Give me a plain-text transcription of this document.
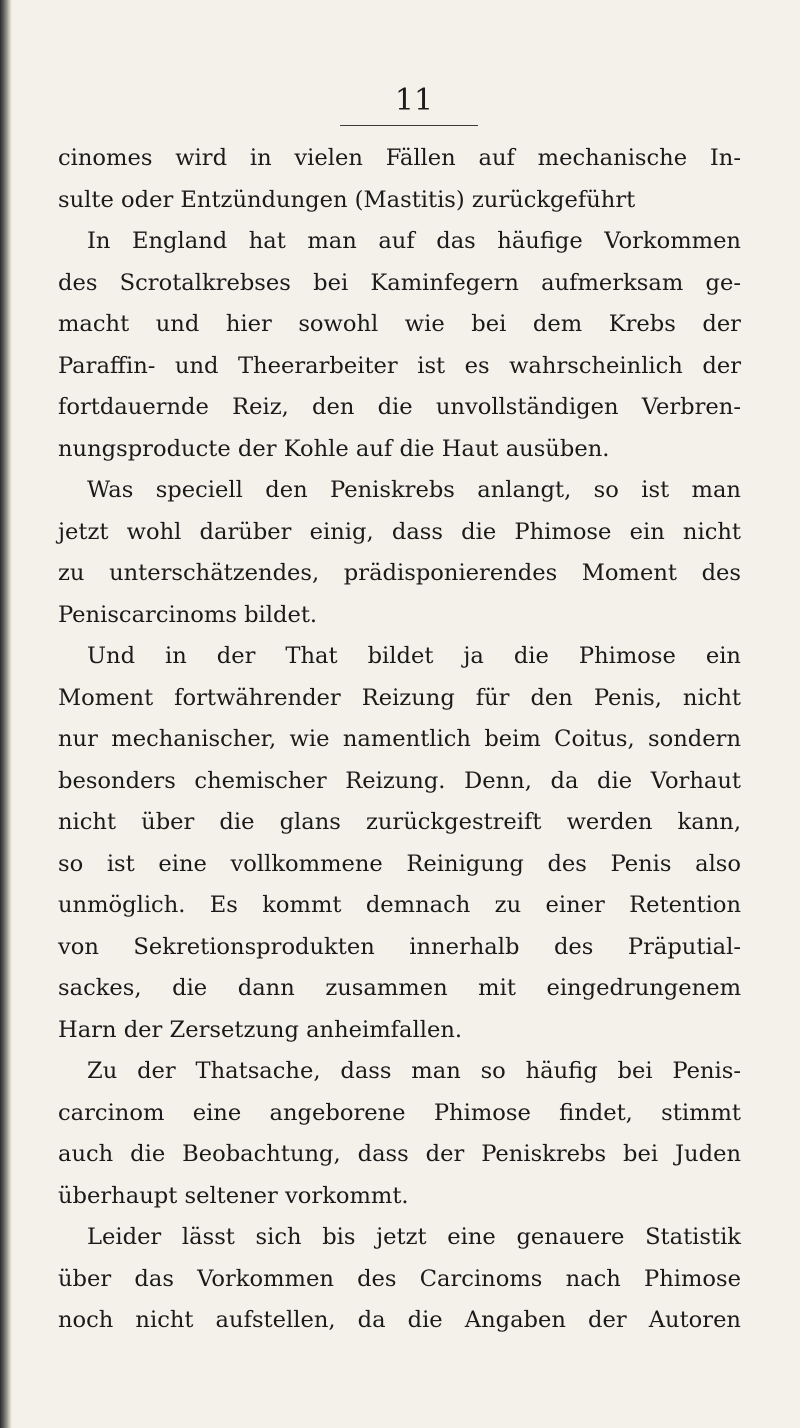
11
cinomes wird in vielen Fällen auf mechanische In-
sulte oder Entzündungen (Mastitis) zurückgeführt
In England hat man auf das häufige Vorkommen
des Scrotalkrebses bei Kaminfegern aufmerksam ge-
macht und hier sowohl wie bei dem Krebs der
Paraffin- und Theerarbeiter ist es wahrscheinlich der
fortdauernde Reiz, den die unvollständigen Verbren-
nungsproducte der Kohle auf die Haut ausüben.
Was speciell den Peniskrebs anlangt, so ist man
jetzt wohl darüber einig, dass die Phimose ein nicht
zu unterschätzendes, prädisponierendes Moment des
Peniscarcinoms bildet.
Und in der That bildet ja die Phimose ein
Moment fortwährender Reizung für den Penis, nicht
nur mechanischer, wie namentlich beim Coitus, sondern
besonders chemischer Reizung. Denn, da die Vorhaut
nicht über die glans zurückgestreift werden kann,
so ist eine vollkommene Reinigung des Penis also
unmöglich. Es kommt demnach zu einer Retention
von Sekretionsprodukten innerhalb des Präputial-
sackes, die dann zusammen mit eingedrungenem
Harn der Zersetzung anheimfallen.
Zu der Thatsache, dass man so häufig bei Penis-
carcinom eine angeborene Phimose findet, stimmt
auch die Beobachtung, dass der Peniskrebs bei Juden
überhaupt seltener vorkommt.
Leider lässt sich bis jetzt eine genauere Statistik
über das Vorkommen des Carcinoms nach Phimose
noch nicht aufstellen, da die Angaben der Autoren
